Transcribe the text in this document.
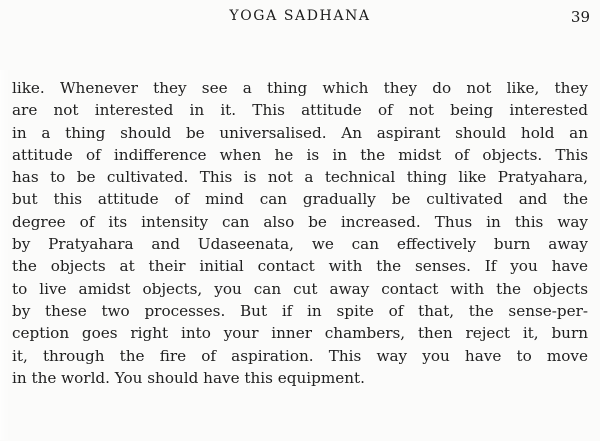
YOGA SADHANA	39
like. Whenever they see a thing which they do not like, they
are not interested in it. This attitude of not being interested
in a thing should be universalised. An aspirant should hold an
attitude of indifference when he is in the midst of objects. This
has to be cultivated. This is not a technical thing like Pratyahara,
but this attitude of mind can gradually be cultivated and the
degree of its intensity can also be increased. Thus in this way
by Pratyahara and Udaseenata, we can effectively burn away
the objects at their initial contact with the senses. If you have
to live amidst objects, you can cut away contact with the objects
by these two processes. But if in spite of that, the sense-per-
ception goes right into your inner chambers, then reject it, burn
it, through the fire of aspiration. This way you have to move
in the world. You should have this equipment.
